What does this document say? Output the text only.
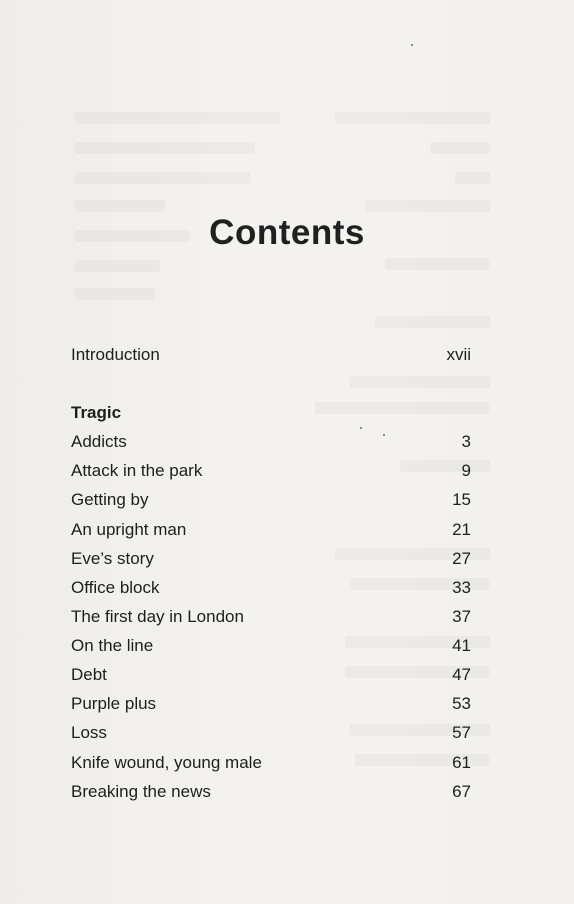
Contents
Introduction	xvii
Tragic
Addicts	3
Attack in the park	9
Getting by	15
An upright man	21
Eve’s story	27
Office block	33
The first day in London	37
On the line	41
Debt	47
Purple plus	53
Loss	57
Knife wound, young male	61
Breaking the news	67
